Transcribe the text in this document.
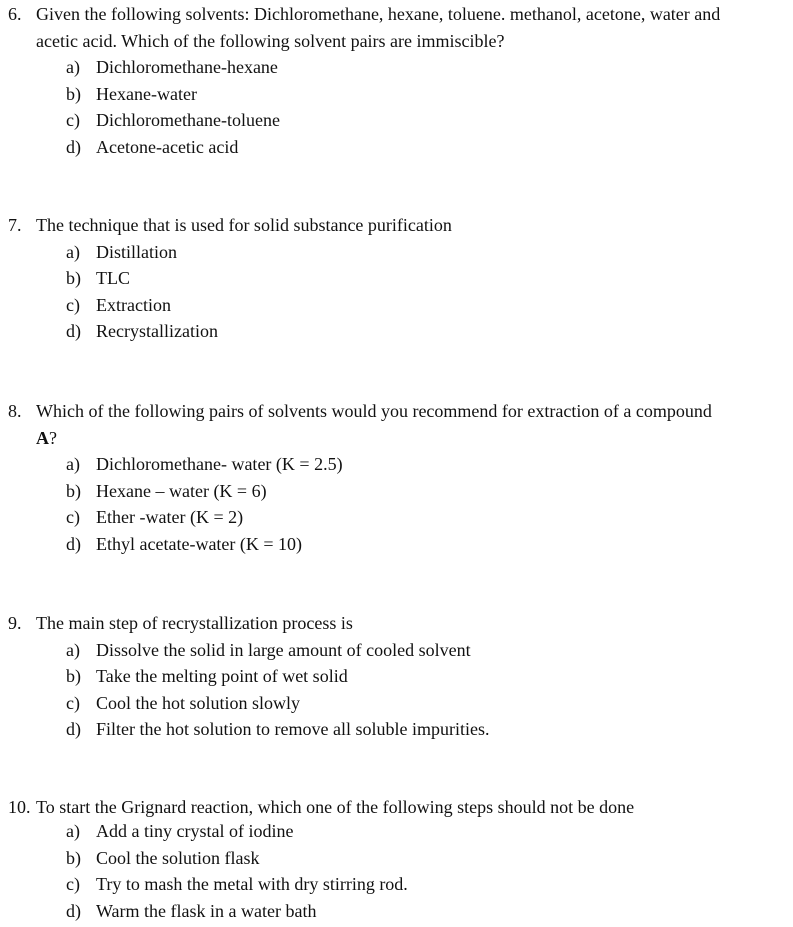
6. Given the following solvents: Dichloromethane, hexane, toluene. methanol, acetone, water and
acetic acid. Which of the following solvent pairs are immiscible?
a) Dichloromethane-hexane
b) Hexane-water
c) Dichloromethane-toluene
d) Acetone-acetic acid
7. The technique that is used for solid substance purification
a) Distillation
b) TLC
c) Extraction
d) Recrystallization
8. Which of the following pairs of solvents would you recommend for extraction of a compound
A?
a) Dichloromethane- water (K = 2.5)
b) Hexane – water (K = 6)
c) Ether -water (K = 2)
d) Ethyl acetate-water (K = 10)
9. The main step of recrystallization process is
a) Dissolve the solid in large amount of cooled solvent
b) Take the melting point of wet solid
c) Cool the hot solution slowly
d) Filter the hot solution to remove all soluble impurities.
10. To start the Grignard reaction, which one of the following steps should not be done
a) Add a tiny crystal of iodine
b) Cool the solution flask
c) Try to mash the metal with dry stirring rod.
d) Warm the flask in a water bath
